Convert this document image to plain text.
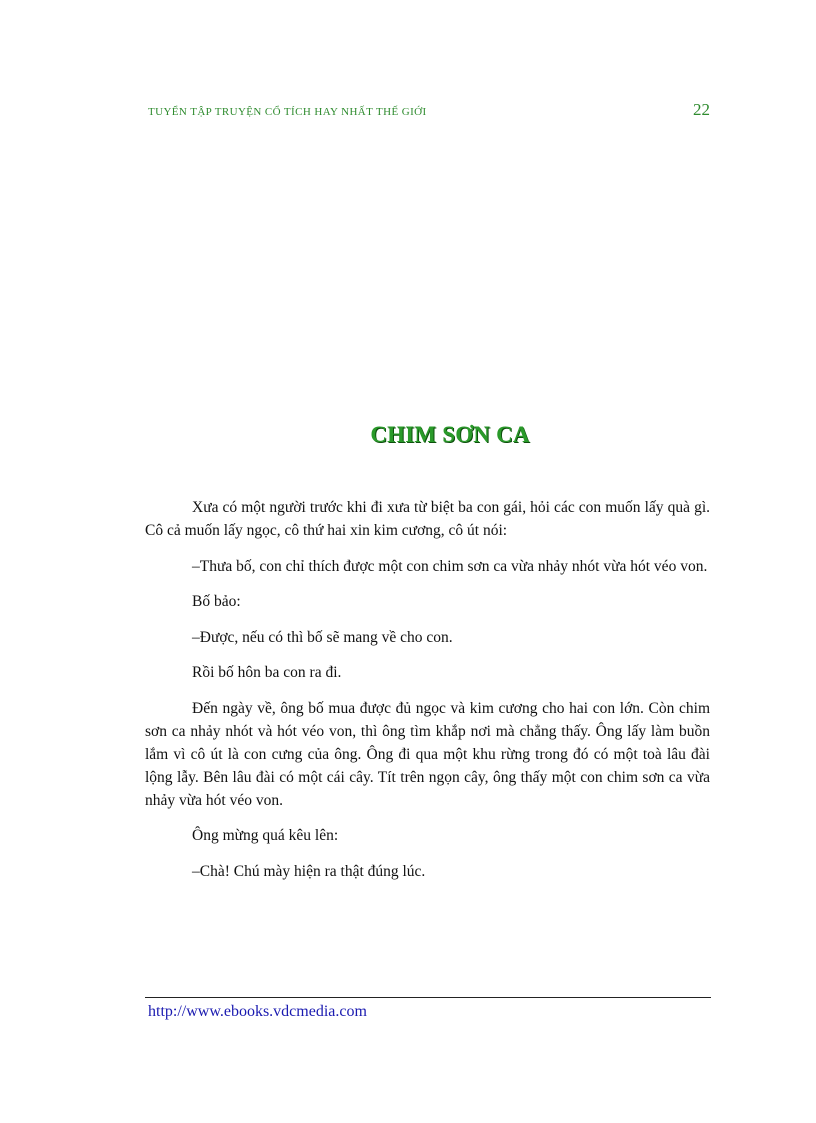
TUYỂN TẬP TRUYỆN CỔ TÍCH HAY NHẤT THẾ GIỚI	22
CHIM SƠN CA

Xưa có một người trước khi đi xưa từ biệt ba con gái, hỏi các con muốn lấy quà gì. Cô cả muốn lấy ngọc, cô thứ hai xin kim cương, cô út nói:

–Thưa bố, con chỉ thích được một con chim sơn ca vừa nhảy nhót vừa hót véo von.

Bố bảo:

–Được, nếu có thì bố sẽ mang về cho con.

Rồi bố hôn ba con ra đi.

Đến ngày về, ông bố mua được đủ ngọc và kim cương cho hai con lớn. Còn chim sơn ca nhảy nhót và hót véo von, thì ông tìm khắp nơi mà chẳng thấy. Ông lấy làm buồn lắm vì cô út là con cưng của ông. Ông đi qua một khu rừng trong đó có một toà lâu đài lộng lẫy. Bên lâu đài có một cái cây. Tít trên ngọn cây, ông thấy một con chim sơn ca vừa nhảy vừa hót véo von.

Ông mừng quá kêu lên:

–Chà! Chú mày hiện ra thật đúng lúc.

http://www.ebooks.vdcmedia.com
